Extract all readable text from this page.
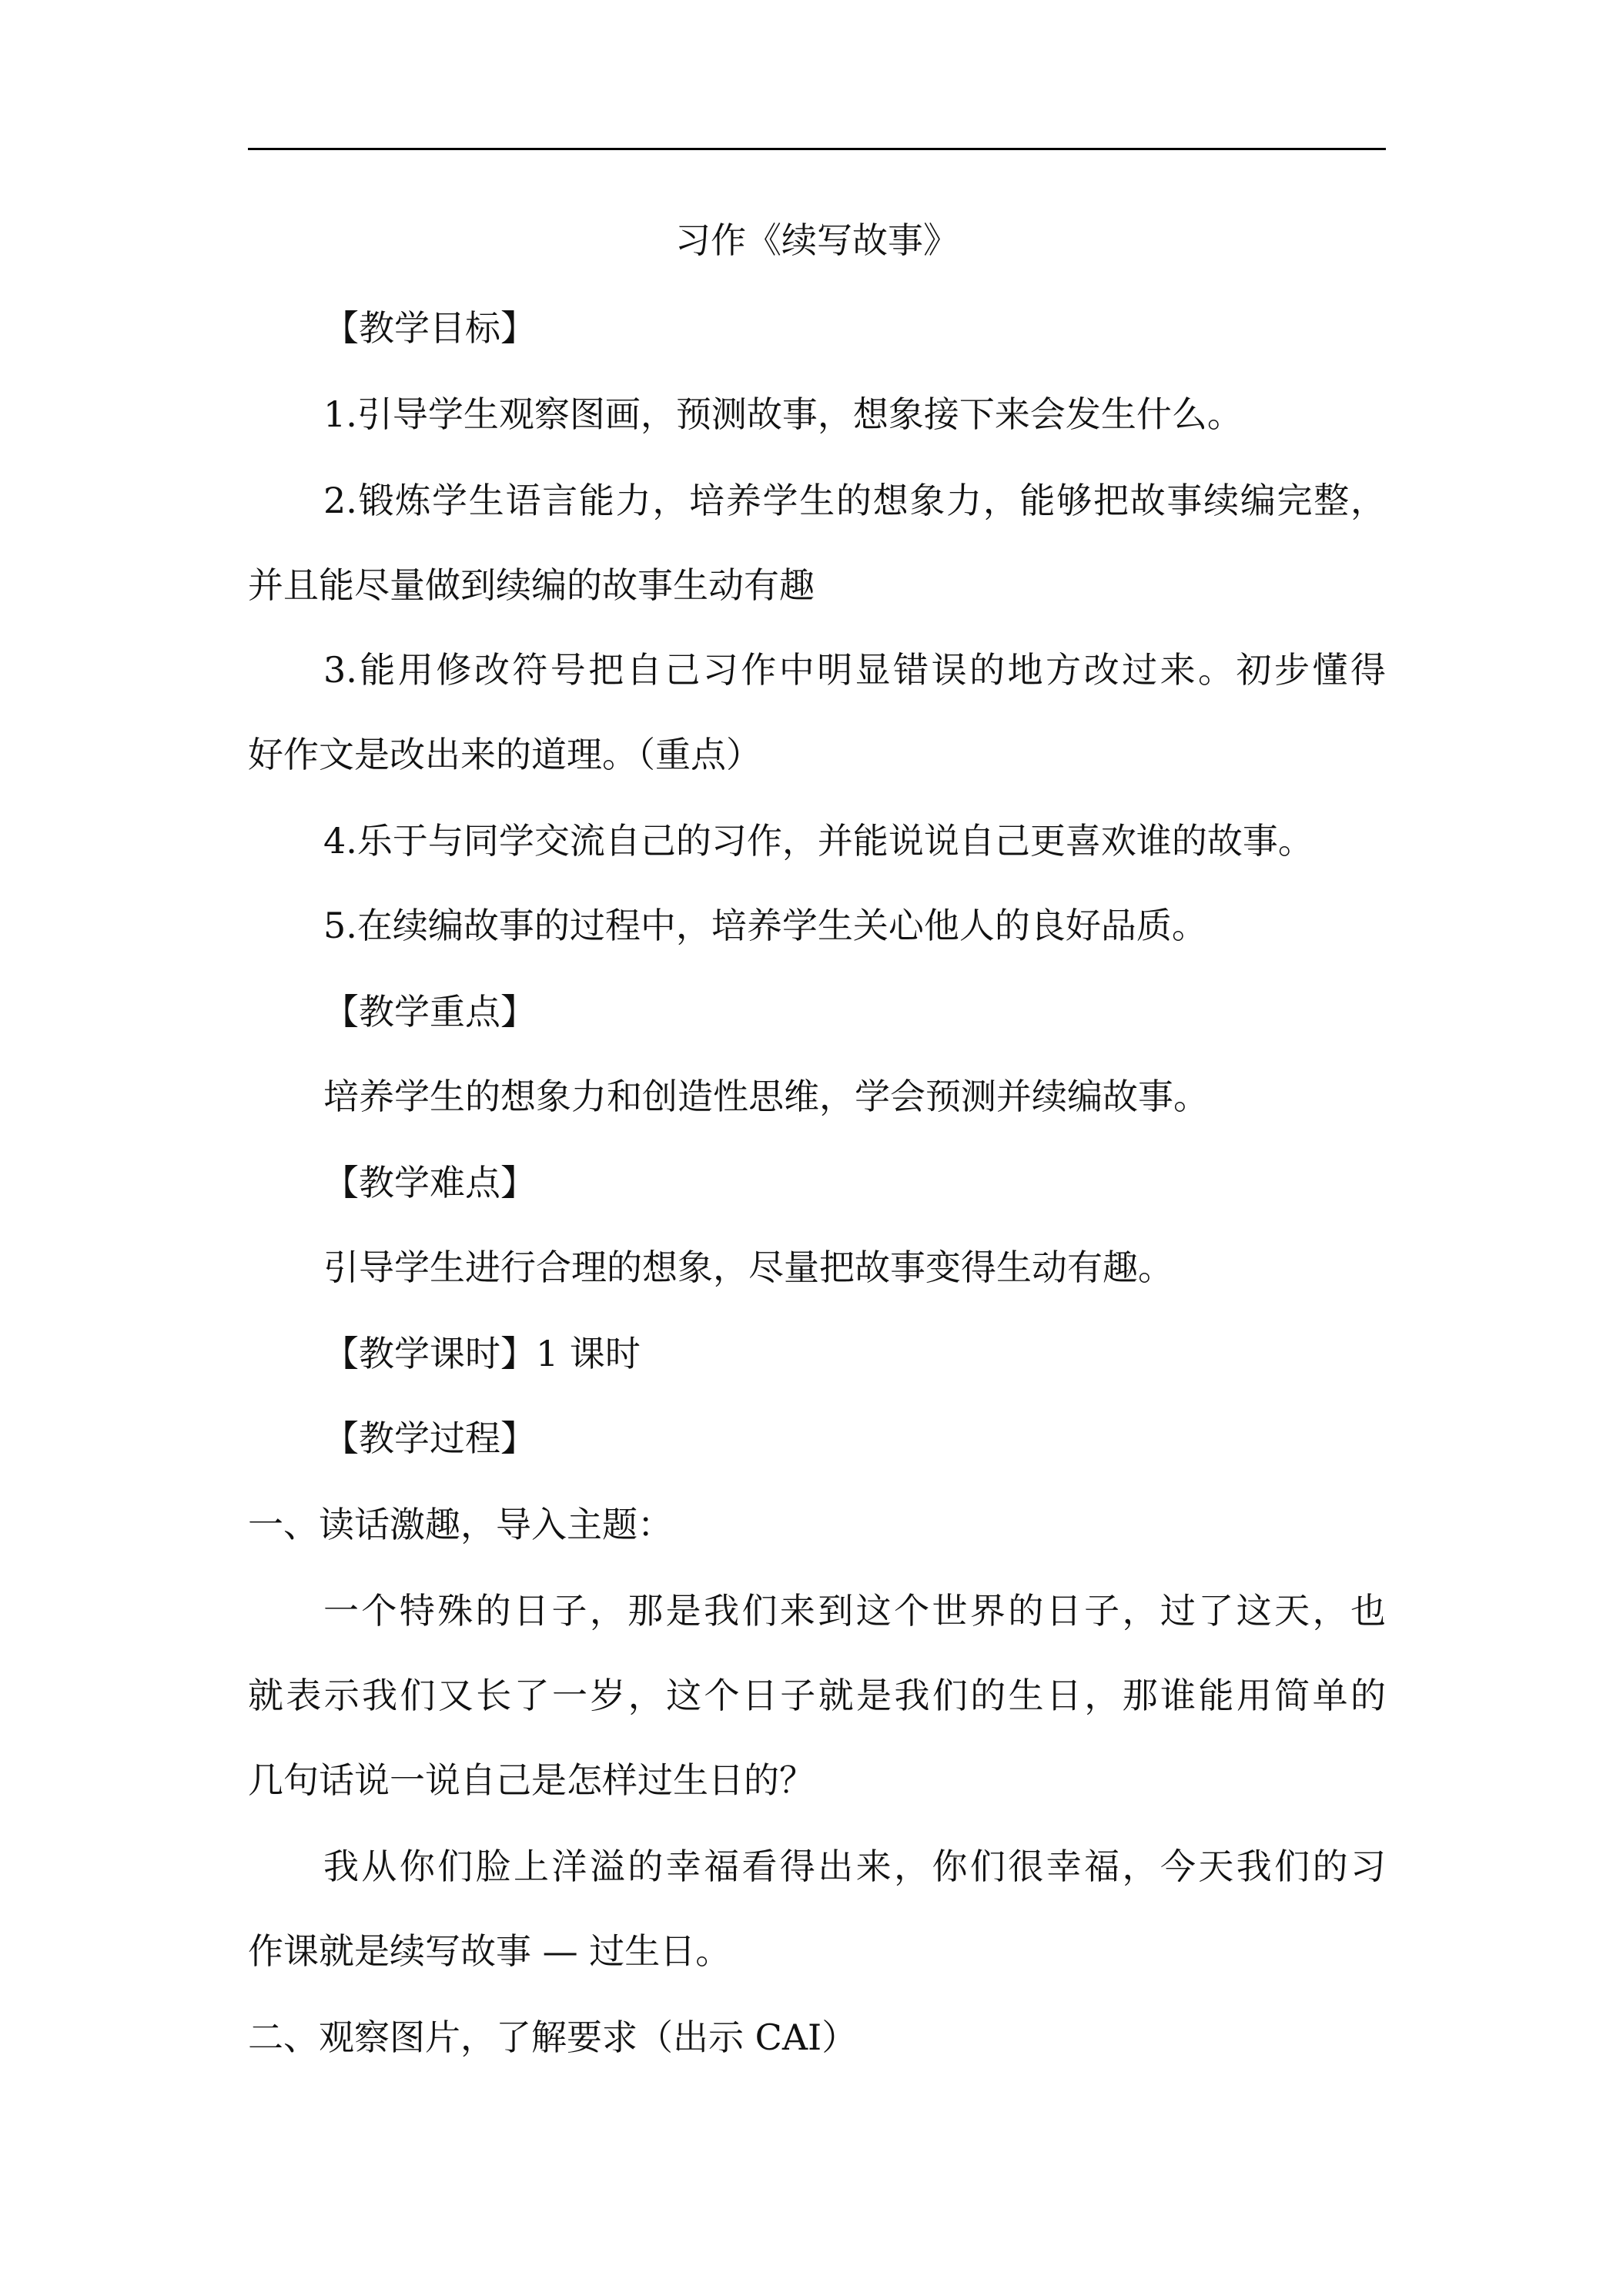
习作《续写故事》
【教学目标】
1.引导学生观察图画，预测故事，想象接下来会发生什么。
2.锻炼学生语言能力，培养学生的想象力，能够把故事续编完整，
并且能尽量做到续编的故事生动有趣
3.能用修改符号把自己习作中明显错误的地方改过来。初步懂得
好作文是改出来的道理。（重点）
4.乐于与同学交流自己的习作，并能说说自己更喜欢谁的故事。
5.在续编故事的过程中，培养学生关心他人的良好品质。
【教学重点】
培养学生的想象力和创造性思维，学会预测并续编故事。
【教学难点】
引导学生进行合理的想象，尽量把故事变得生动有趣。
【教学课时】1 课时
【教学过程】
一、读话激趣，导入主题：
一个特殊的日子，那是我们来到这个世界的日子，过了这天，也
就表示我们又长了一岁，这个日子就是我们的生日，那谁能用简单的
几句话说一说自己是怎样过生日的？
我从你们脸上洋溢的幸福看得出来，你们很幸福，今天我们的习
作课就是续写故事 — 过生日。
二、观察图片，了解要求（出示 CAI）
